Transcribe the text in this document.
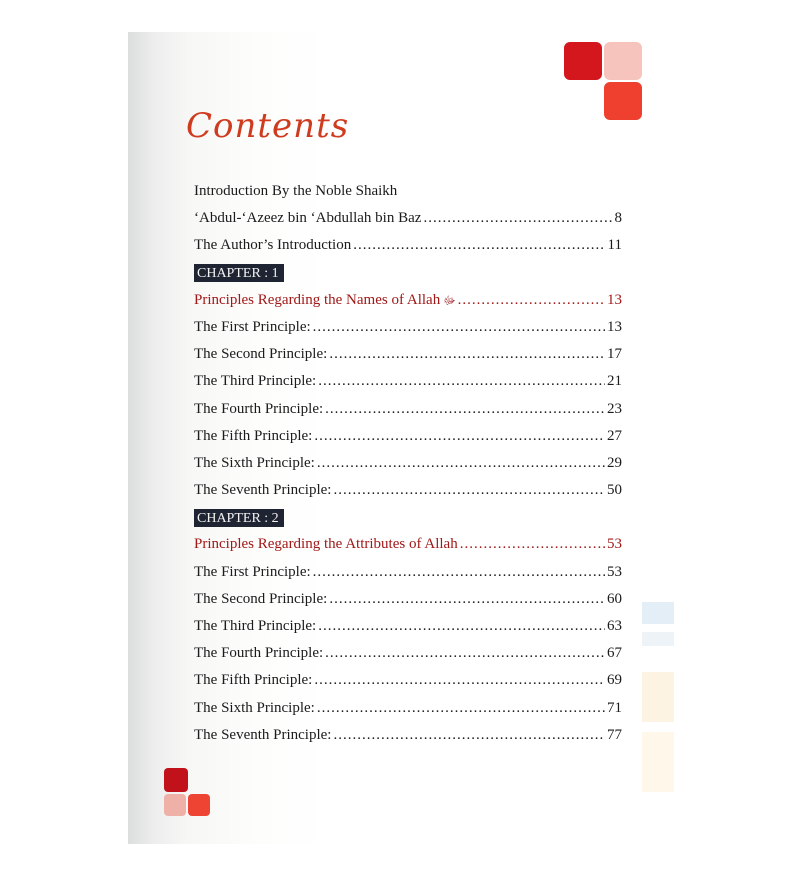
Contents
Introduction By the Noble Shaikh
‘Abdul-‘Azeez bin ‘Abdullah bin Baz .....	8
The Author’s Introduction .....	11
CHAPTER : 1
Principles Regarding the Names of Allah ﷻ .....	13
The First Principle: .....	13
The Second Principle: .....	17
The Third Principle: .....	21
The Fourth Principle: .....	23
The Fifth Principle: .....	27
The Sixth Principle: .....	29
The Seventh Principle: .....	50
CHAPTER : 2
Principles Regarding the Attributes of Allah .....	53
The First Principle: .....	53
The Second Principle: .....	60
The Third Principle: .....	63
The Fourth Principle: .....	67
The Fifth Principle: .....	69
The Sixth Principle: .....	71
The Seventh Principle: .....	77
